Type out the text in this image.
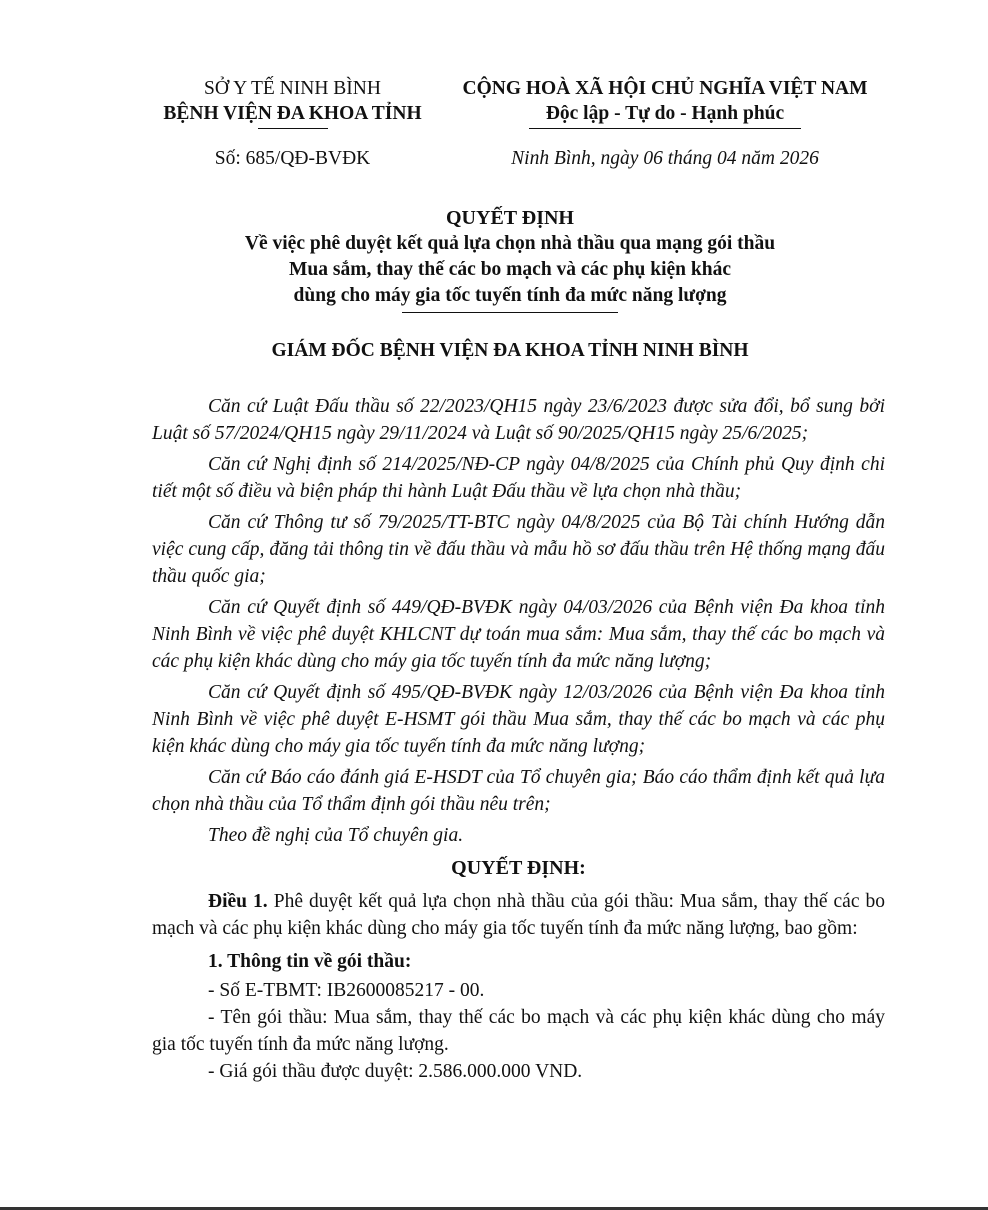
SỞ Y TẾ NINH BÌNH
BỆNH VIỆN ĐA KHOA TỈNH
CỘNG HOÀ XÃ HỘI CHỦ NGHĨA VIỆT NAM
Độc lập - Tự do - Hạnh phúc
Số: 685/QĐ-BVĐK	Ninh Bình, ngày 06 tháng 04 năm 2026
QUYẾT ĐỊNH
Về việc phê duyệt kết quả lựa chọn nhà thầu qua mạng gói thầu
Mua sắm, thay thế các bo mạch và các phụ kiện khác
dùng cho máy gia tốc tuyến tính đa mức năng lượng
GIÁM ĐỐC BỆNH VIỆN ĐA KHOA TỈNH NINH BÌNH

Căn cứ Luật Đấu thầu số 22/2023/QH15 ngày 23/6/2023 được sửa đổi, bổ sung bởi Luật số 57/2024/QH15 ngày 29/11/2024 và Luật số 90/2025/QH15 ngày 25/6/2025;

Căn cứ Nghị định số 214/2025/NĐ-CP ngày 04/8/2025 của Chính phủ Quy định chi tiết một số điều và biện pháp thi hành Luật Đấu thầu về lựa chọn nhà thầu;

Căn cứ Thông tư số 79/2025/TT-BTC ngày 04/8/2025 của Bộ Tài chính Hướng dẫn việc cung cấp, đăng tải thông tin về đấu thầu và mẫu hồ sơ đấu thầu trên Hệ thống mạng đấu thầu quốc gia;

Căn cứ Quyết định số 449/QĐ-BVĐK ngày 04/03/2026 của Bệnh viện Đa khoa tỉnh Ninh Bình về việc phê duyệt KHLCNT dự toán mua sắm: Mua sắm, thay thế các bo mạch và các phụ kiện khác dùng cho máy gia tốc tuyến tính đa mức năng lượng;

Căn cứ Quyết định số 495/QĐ-BVĐK ngày 12/03/2026 của Bệnh viện Đa khoa tỉnh Ninh Bình về việc phê duyệt E-HSMT gói thầu Mua sắm, thay thế các bo mạch và các phụ kiện khác dùng cho máy gia tốc tuyến tính đa mức năng lượng;

Căn cứ Báo cáo đánh giá E-HSDT của Tổ chuyên gia; Báo cáo thẩm định kết quả lựa chọn nhà thầu của Tổ thẩm định gói thầu nêu trên;

Theo đề nghị của Tổ chuyên gia.

QUYẾT ĐỊNH:

Điều 1. Phê duyệt kết quả lựa chọn nhà thầu của gói thầu: Mua sắm, thay thế các bo mạch và các phụ kiện khác dùng cho máy gia tốc tuyến tính đa mức năng lượng, bao gồm:

1. Thông tin về gói thầu:

- Số E-TBMT: IB2600085217 - 00.

- Tên gói thầu: Mua sắm, thay thế các bo mạch và các phụ kiện khác dùng cho máy gia tốc tuyến tính đa mức năng lượng.

- Giá gói thầu được duyệt: 2.586.000.000 VND.
